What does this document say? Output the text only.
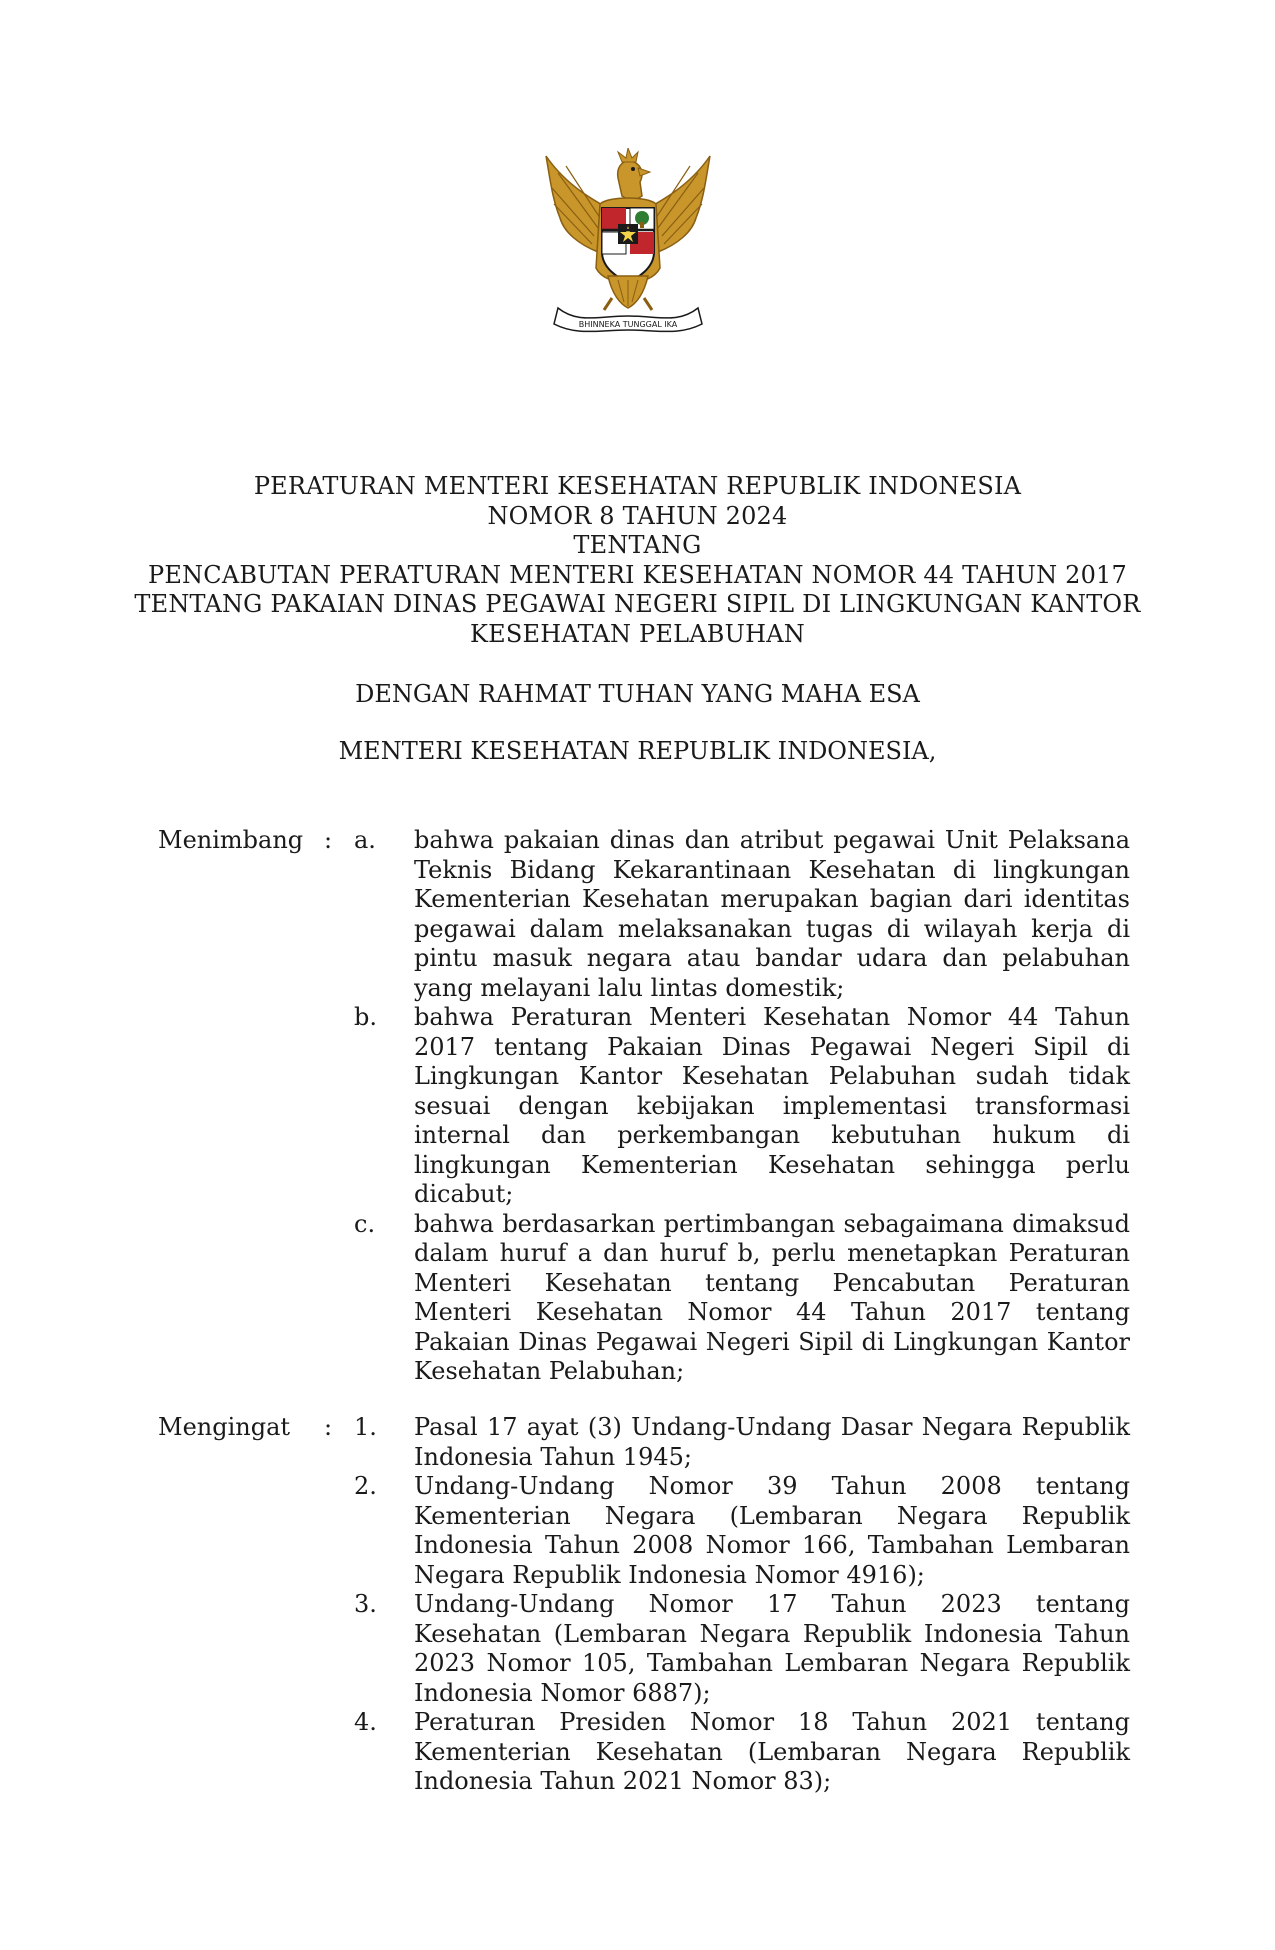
BHINNEKA TUNGGAL IKA
PERATURAN MENTERI KESEHATAN REPUBLIK INDONESIA
NOMOR 8 TAHUN 2024
TENTANG
PENCABUTAN PERATURAN MENTERI KESEHATAN NOMOR 44 TAHUN 2017
TENTANG PAKAIAN DINAS PEGAWAI NEGERI SIPIL DI LINGKUNGAN KANTOR
KESEHATAN PELABUHAN
DENGAN RAHMAT TUHAN YANG MAHA ESA
MENTERI KESEHATAN REPUBLIK INDONESIA,
Menimbang : a. bahwa pakaian dinas dan atribut pegawai Unit Pelaksana Teknis Bidang Kekarantinaan Kesehatan di lingkungan Kementerian Kesehatan merupakan bagian dari identitas pegawai dalam melaksanakan tugas di wilayah kerja di pintu masuk negara atau bandar udara dan pelabuhan yang melayani lalu lintas domestik;
b. bahwa Peraturan Menteri Kesehatan Nomor 44 Tahun 2017 tentang Pakaian Dinas Pegawai Negeri Sipil di Lingkungan Kantor Kesehatan Pelabuhan sudah tidak sesuai dengan kebijakan implementasi transformasi internal dan perkembangan kebutuhan hukum di lingkungan Kementerian Kesehatan sehingga perlu dicabut;
c. bahwa berdasarkan pertimbangan sebagaimana dimaksud dalam huruf a dan huruf b, perlu menetapkan Peraturan Menteri Kesehatan tentang Pencabutan Peraturan Menteri Kesehatan Nomor 44 Tahun 2017 tentang Pakaian Dinas Pegawai Negeri Sipil di Lingkungan Kantor Kesehatan Pelabuhan;
Mengingat : 1. Pasal 17 ayat (3) Undang-Undang Dasar Negara Republik Indonesia Tahun 1945;
2. Undang-Undang Nomor 39 Tahun 2008 tentang Kementerian Negara (Lembaran Negara Republik Indonesia Tahun 2008 Nomor 166, Tambahan Lembaran Negara Republik Indonesia Nomor 4916);
3. Undang-Undang Nomor 17 Tahun 2023 tentang Kesehatan (Lembaran Negara Republik Indonesia Tahun 2023 Nomor 105, Tambahan Lembaran Negara Republik Indonesia Nomor 6887);
4. Peraturan Presiden Nomor 18 Tahun 2021 tentang Kementerian Kesehatan (Lembaran Negara Republik Indonesia Tahun 2021 Nomor 83);
